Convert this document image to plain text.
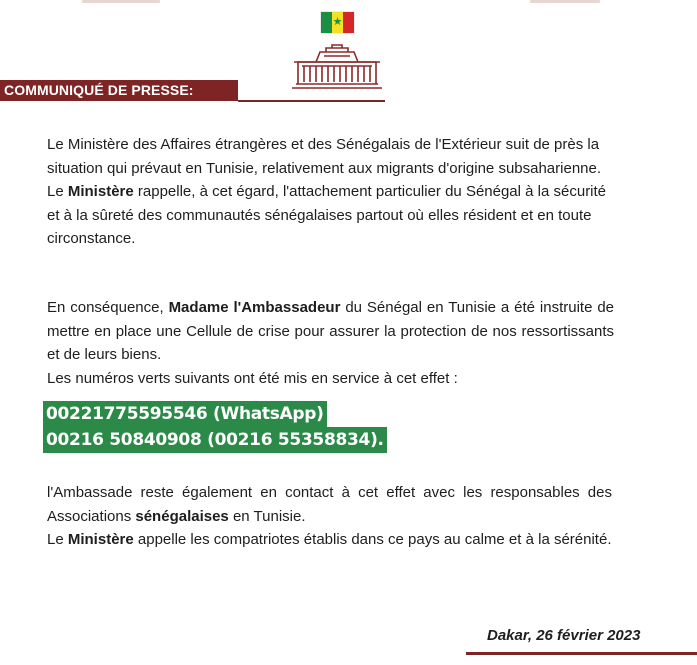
★
COMMUNIQUÉ DE PRESSE:

Le Ministère des Affaires étrangères et des Sénégalais de l'Extérieur suit de près la situation qui prévaut en Tunisie, relativement aux migrants d'origine subsaharienne.

Le Ministère rappelle, à cet égard, l'attachement particulier du Sénégal à la sécurité et à la sûreté des communautés sénégalaises partout où elles résident et en toute circonstance.

En conséquence, Madame l'Ambassadeur du Sénégal en Tunisie a été instruite de mettre en place une Cellule de crise pour assurer la protection de nos ressortissants et de leurs biens.

Les numéros verts suivants ont été mis en service à cet effet :

00221775595546 (WhatsApp)
00216 50840908 (00216 55358834).

l'Ambassade reste également en contact à cet effet avec les responsables des Associations sénégalaises en Tunisie.

Le Ministère appelle les compatriotes établis dans ce pays au calme et à la sérénité.

Dakar, 26 février 2023
